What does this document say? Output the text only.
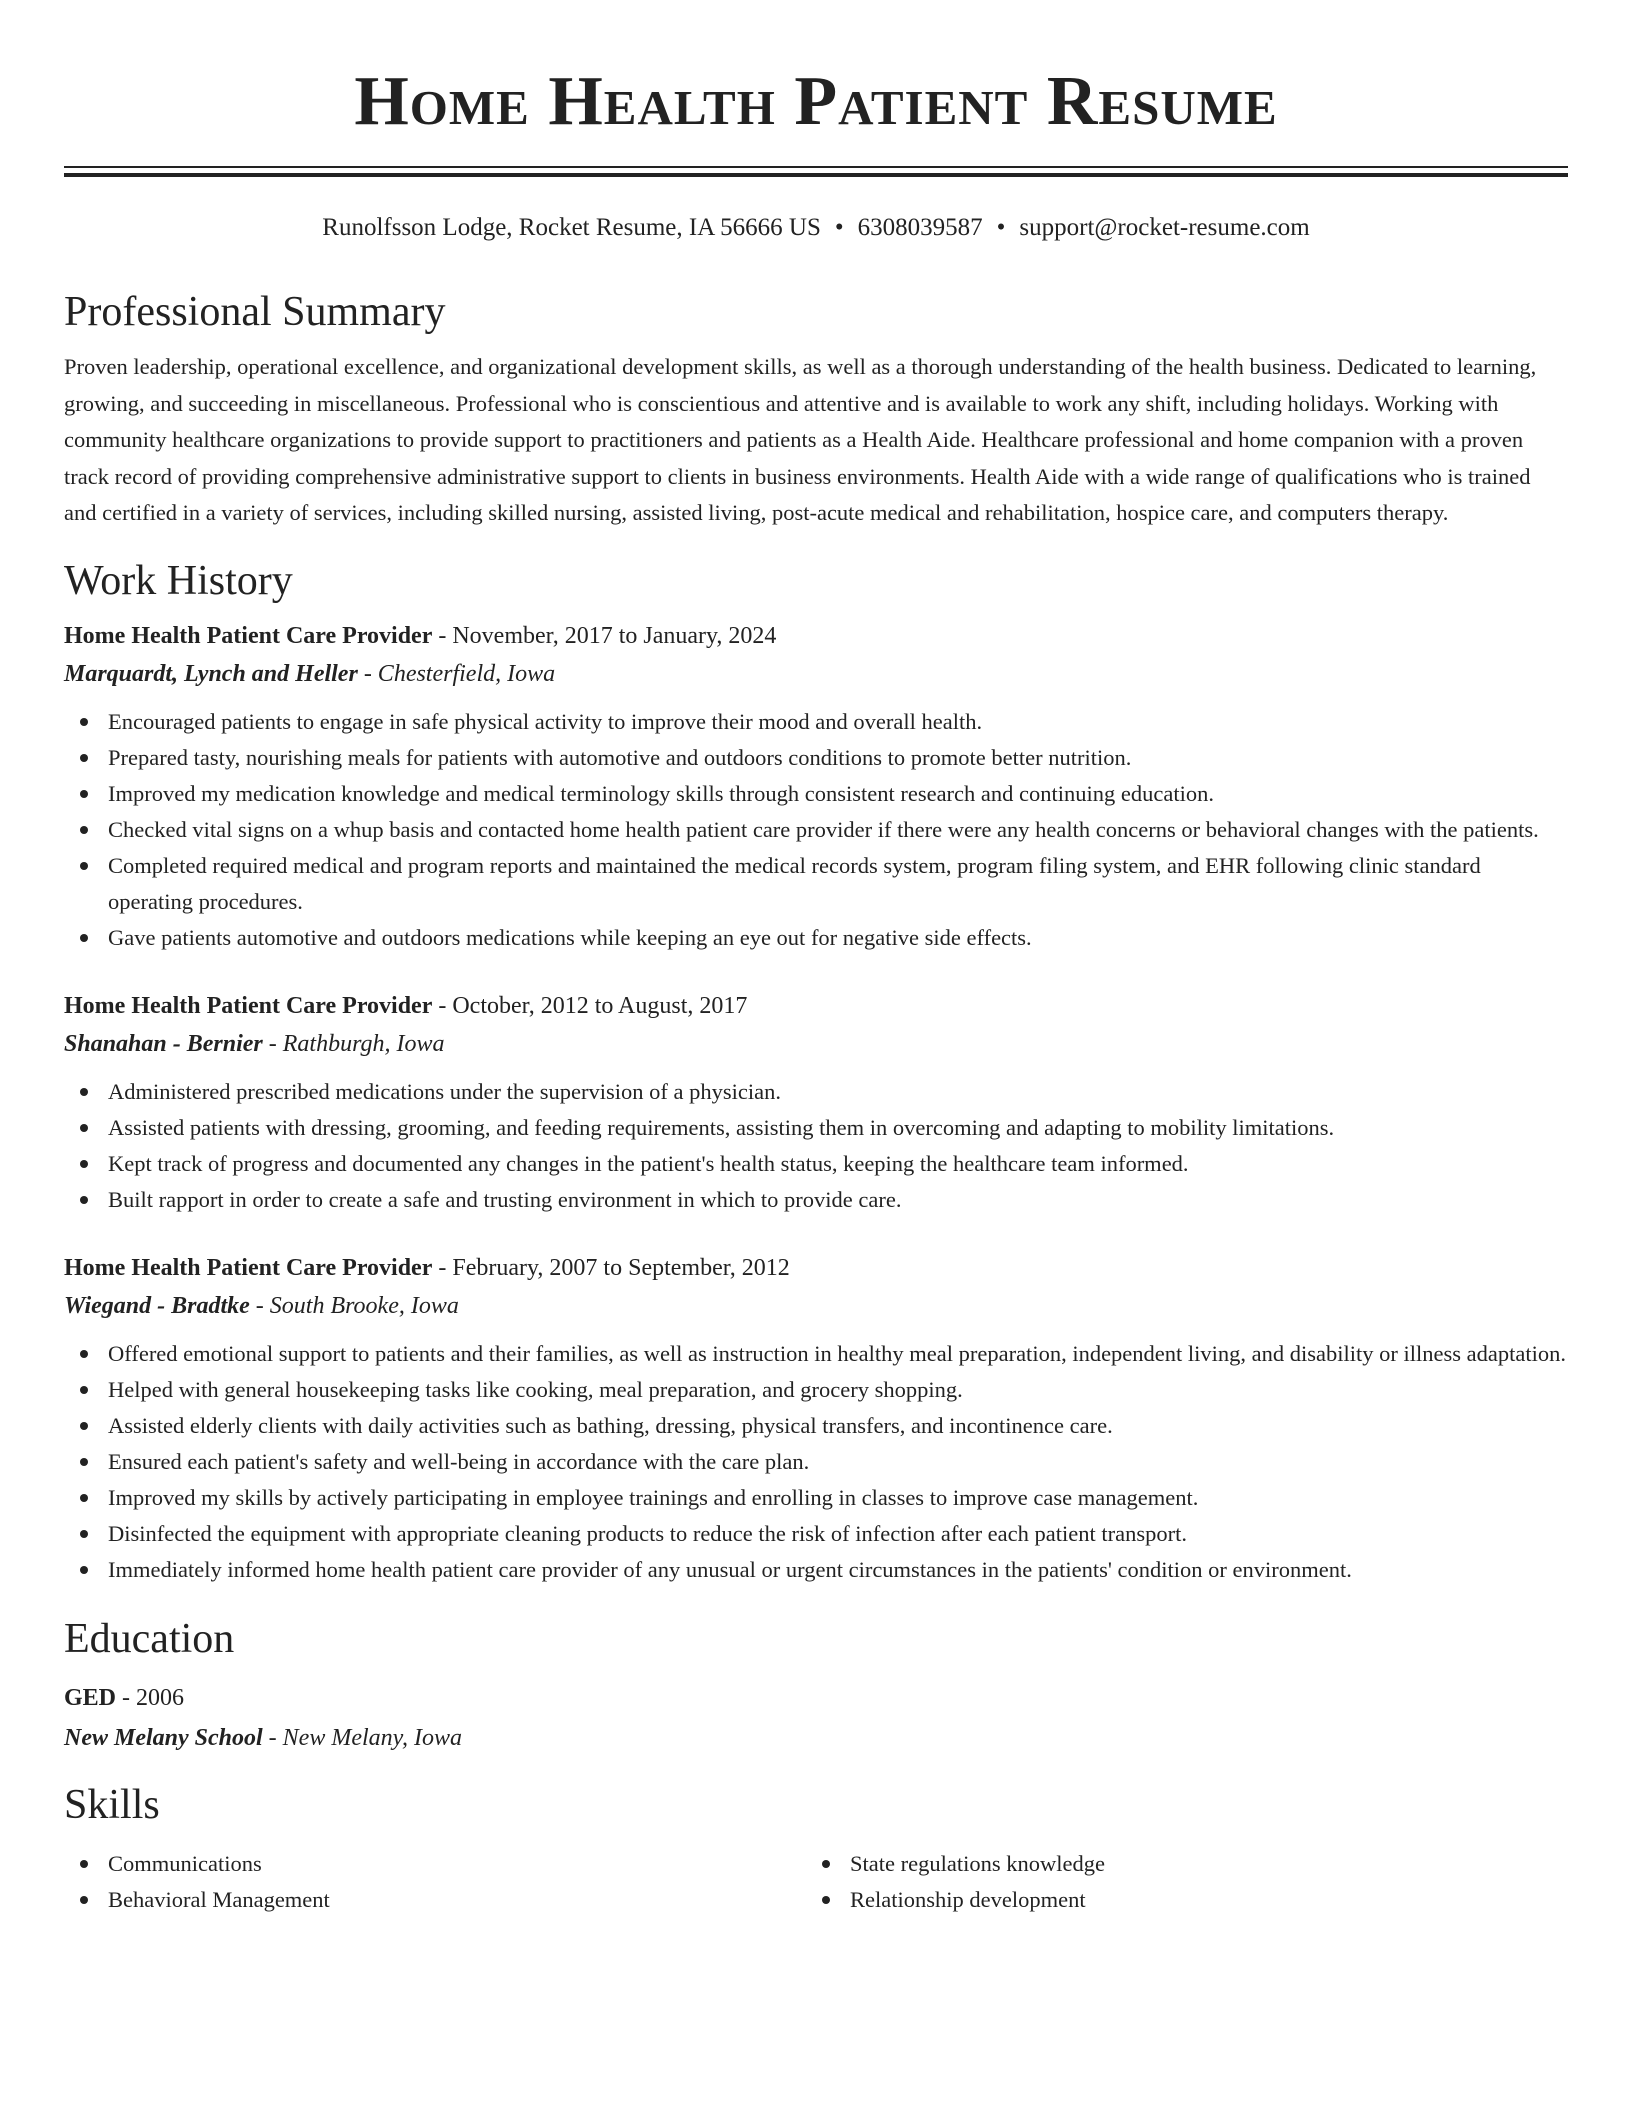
Home Health Patient Resume
Runolfsson Lodge, Rocket Resume, IA 56666 US • 6308039587 • support@rocket-resume.com
Professional Summary
Proven leadership, operational excellence, and organizational development skills, as well as a thorough understanding of the health business. Dedicated to learning, growing, and succeeding in miscellaneous. Professional who is conscientious and attentive and is available to work any shift, including holidays. Working with community healthcare organizations to provide support to practitioners and patients as a Health Aide. Healthcare professional and home companion with a proven track record of providing comprehensive administrative support to clients in business environments. Health Aide with a wide range of qualifications who is trained and certified in a variety of services, including skilled nursing, assisted living, post-acute medical and rehabilitation, hospice care, and computers therapy.
Work History
Home Health Patient Care Provider - November, 2017 to January, 2024
Marquardt, Lynch and Heller - Chesterfield, Iowa
Encouraged patients to engage in safe physical activity to improve their mood and overall health.
Prepared tasty, nourishing meals for patients with automotive and outdoors conditions to promote better nutrition.
Improved my medication knowledge and medical terminology skills through consistent research and continuing education.
Checked vital signs on a whup basis and contacted home health patient care provider if there were any health concerns or behavioral changes with the patients.
Completed required medical and program reports and maintained the medical records system, program filing system, and EHR following clinic standard operating procedures.
Gave patients automotive and outdoors medications while keeping an eye out for negative side effects.
Home Health Patient Care Provider - October, 2012 to August, 2017
Shanahan - Bernier - Rathburgh, Iowa
Administered prescribed medications under the supervision of a physician.
Assisted patients with dressing, grooming, and feeding requirements, assisting them in overcoming and adapting to mobility limitations.
Kept track of progress and documented any changes in the patient's health status, keeping the healthcare team informed.
Built rapport in order to create a safe and trusting environment in which to provide care.
Home Health Patient Care Provider - February, 2007 to September, 2012
Wiegand - Bradtke - South Brooke, Iowa
Offered emotional support to patients and their families, as well as instruction in healthy meal preparation, independent living, and disability or illness adaptation.
Helped with general housekeeping tasks like cooking, meal preparation, and grocery shopping.
Assisted elderly clients with daily activities such as bathing, dressing, physical transfers, and incontinence care.
Ensured each patient's safety and well-being in accordance with the care plan.
Improved my skills by actively participating in employee trainings and enrolling in classes to improve case management.
Disinfected the equipment with appropriate cleaning products to reduce the risk of infection after each patient transport.
Immediately informed home health patient care provider of any unusual or urgent circumstances in the patients' condition or environment.
Education
GED - 2006
New Melany School - New Melany, Iowa
Skills
Communications
Behavioral Management
State regulations knowledge
Relationship development
